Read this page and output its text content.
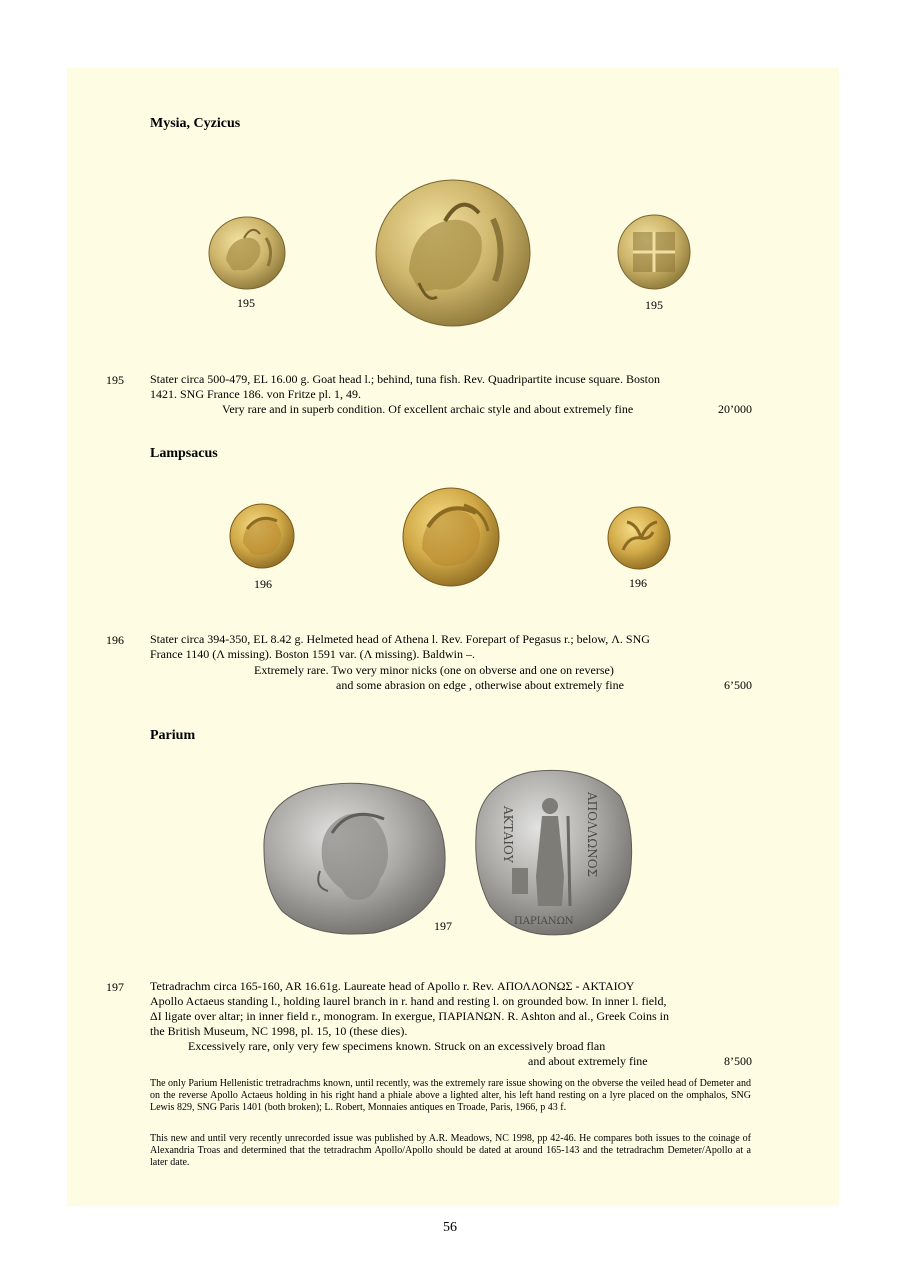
Mysia, Cyzicus
195	195
195 Stater circa 500-479, EL 16.00 g. Goat head l.; behind, tuna fish. Rev. Quadripartite incuse square. Boston
1421. SNG France 186. von Fritze pl. 1, 49.
Very rare and in superb condition. Of excellent archaic style and about extremely fine	20’000
Lampsacus
196	196
196 Stater circa 394-350, EL 8.42 g. Helmeted head of Athena l. Rev. Forepart of Pegasus r.; below, Λ. SNG
France 1140 (Λ missing). Boston 1591 var. (Λ missing). Baldwin –.
Extremely rare. Two very minor nicks (one on obverse and one on reverse)
and some abrasion on edge , otherwise about extremely fine	6’500
Parium
ΑΚΤΑΙΟΥ	ΑΠΟΛΛΩΝΟΣ
ΠΑΡΙΑΝΩΝ
197
197 Tetradrachm circa 165-160, AR 16.61g. Laureate head of Apollo r. Rev. ΑΠΟΛΛΟΝΩΣ - ΑΚΤΑΙΟΥ
Apollo Actaeus standing l., holding laurel branch in r. hand and resting l. on grounded bow. In inner l. field,
ΔΙ ligate over altar; in inner field r., monogram. In exergue, ΠΑΡΙΑΝΩΝ. R. Ashton and al., Greek Coins in
the British Museum, NC 1998, pl. 15, 10 (these dies).
Excessively rare, only very few specimens known. Struck on an excessively broad flan
and about extremely fine	8’500
The only Parium Hellenistic tretradrachms known, until recently, was the extremely rare issue showing on the obverse the veiled head of Demeter and on the reverse Apollo Actaeus holding in his right hand a phiale above a lighted alter, his left hand resting on a lyre placed on the omphalos, SNG Lewis 829, SNG Paris 1401 (both broken); L. Robert, Monnaies antiques en Troade, Paris, 1966, p 43 f.
This new and until very recently unrecorded issue was published by A.R. Meadows, NC 1998, pp 42-46. He compares both issues to the coinage of Alexandria Troas and determined that the tetradrachm Apollo/Apollo should be dated at around 165-143 and the tetradrachm Demeter/Apollo at a later date.
56
